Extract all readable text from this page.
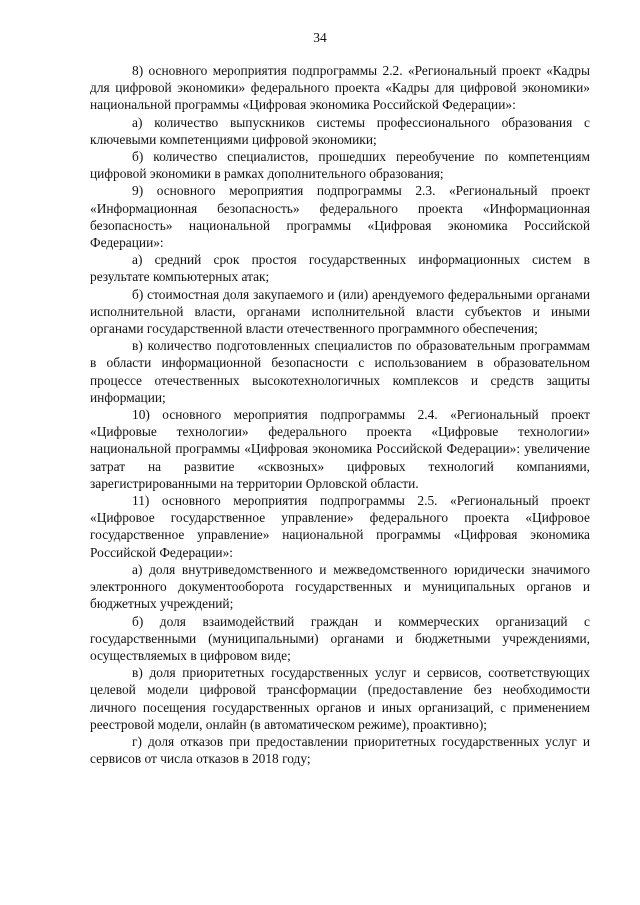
34

8) основного мероприятия подпрограммы 2.2. «Региональный проект «Кадры для цифровой экономики» федерального проекта «Кадры для цифровой экономики» национальной программы «Цифровая экономика Российской Федерации»:

а) количество выпускников системы профессионального образования с ключевыми компетенциями цифровой экономики;

б) количество специалистов, прошедших переобучение по компетенциям цифровой экономики в рамках дополнительного образования;

9) основного мероприятия подпрограммы 2.3. «Региональный проект «Информационная безопасность» федерального проекта «Информационная безопасность» национальной программы «Цифровая экономика Российской Федерации»:

а) средний срок простоя государственных информационных систем в результате компьютерных атак;

б) стоимостная доля закупаемого и (или) арендуемого федеральными органами исполнительной власти, органами исполнительной власти субъектов и иными органами государственной власти отечественного программного обеспечения;

в) количество подготовленных специалистов по образовательным программам в области информационной безопасности с использованием в образовательном процессе отечественных высокотехнологичных комплексов и средств защиты информации;

10) основного мероприятия подпрограммы 2.4. «Региональный проект «Цифровые технологии» федерального проекта «Цифровые технологии» национальной программы «Цифровая экономика Российской Федерации»: увеличение затрат на развитие «сквозных» цифровых технологий компаниями, зарегистрированными на территории Орловской области.

11) основного мероприятия подпрограммы 2.5. «Региональный проект «Цифровое государственное управление» федерального проекта «Цифровое государственное управление» национальной программы «Цифровая экономика Российской Федерации»:

а) доля внутриведомственного и межведомственного юридически значимого электронного документооборота государственных и муниципальных органов и бюджетных учреждений;

б) доля взаимодействий граждан и коммерческих организаций с государственными (муниципальными) органами и бюджетными учреждениями, осуществляемых в цифровом виде;

в) доля приоритетных государственных услуг и сервисов, соответствующих целевой модели цифровой трансформации (предоставление без необходимости личного посещения государственных органов и иных организаций, с применением реестровой модели, онлайн (в автоматическом режиме), проактивно);

г) доля отказов при предоставлении приоритетных государственных услуг и сервисов от числа отказов в 2018 году;
